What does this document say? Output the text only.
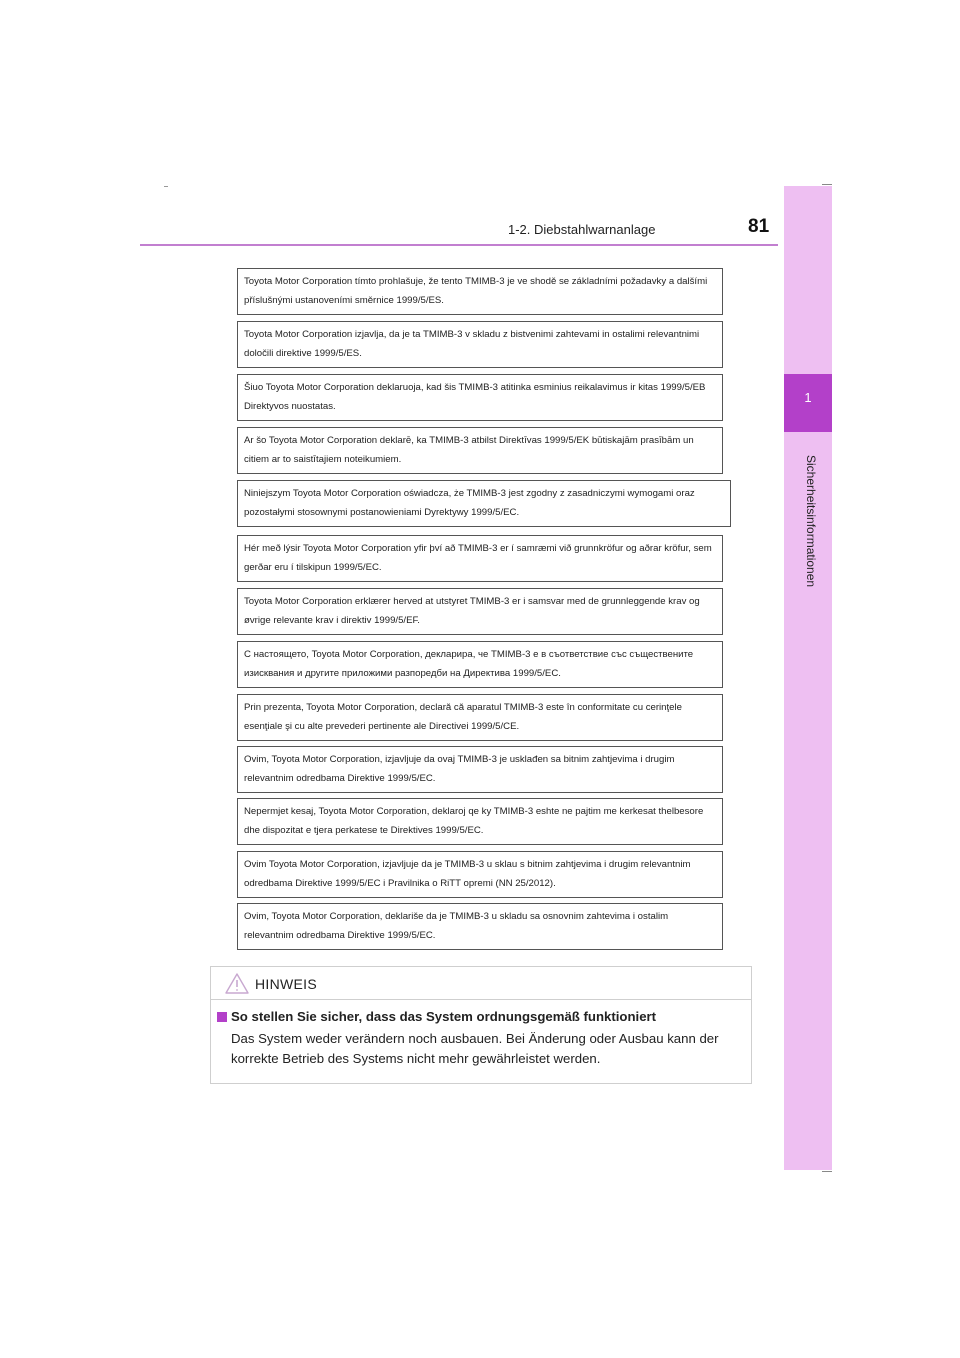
1-2. Diebstahlwarnanlage	81
1
Sicherheitsinformationen
Toyota Motor Corporation tímto prohlašuje, že tento TMIMB-3 je ve shodě se základními požadavky a dalšími příslušnými ustanoveními směrnice 1999/5/ES.
Toyota Motor Corporation izjavlja, da je ta TMIMB-3 v skladu z bistvenimi zahtevami in ostalimi relevantnimi določili direktive 1999/5/ES.
Šiuo Toyota Motor Corporation deklaruoja, kad šis TMIMB-3 atitinka esminius reikalavimus ir kitas 1999/5/EB Direktyvos nuostatas.
Ar šo Toyota Motor Corporation deklarē, ka TMIMB-3 atbilst Direktīvas 1999/5/EK būtiskajām prasībām un citiem ar to saistītajiem noteikumiem.
Niniejszym Toyota Motor Corporation oświadcza, że TMIMB-3 jest zgodny z zasadniczymi wymogami oraz pozostałymi stosownymi postanowieniami Dyrektywy 1999/5/EC.
Hér með lýsir Toyota Motor Corporation yfir því að TMIMB-3 er í samræmi við grunnkröfur og aðrar kröfur, sem gerðar eru í tilskipun 1999/5/EC.
Toyota Motor Corporation erklærer herved at utstyret TMIMB-3 er i samsvar med de grunnleggende krav og øvrige relevante krav i direktiv 1999/5/EF.
С настоящето, Toyota Motor Corporation, декларира, че TMIMB-3 е в съответствие със съществените изисквания и другите приложими разпоредби на Директива 1999/5/EC.
Prin prezenta, Toyota Motor Corporation, declară că aparatul TMIMB-3 este în conformitate cu cerinţele esenţiale şi cu alte prevederi pertinente ale Directivei 1999/5/CE.
Ovim, Toyota Motor Corporation, izjavljuje da ovaj TMIMB-3 je usklađen sa bitnim zahtjevima i drugim relevantnim odredbama Direktive 1999/5/EC.
Nepermjet kesaj, Toyota Motor Corporation, deklaroj qe ky TMIMB-3 eshte ne pajtim me kerkesat thelbesore dhe dispozitat e tjera perkatese te Direktives 1999/5/EC.
Ovim Toyota Motor Corporation, izjavljuje da je TMIMB-3 u sklau s bitnim zahtjevima i drugim relevantnim odredbama Direktive 1999/5/EC i Pravilnika o RiTT opremi (NN 25/2012).
Ovim, Toyota Motor Corporation, deklariše da je TMIMB-3 u skladu sa osnovnim zahtevima i ostalim relevantnim odredbama Direktive 1999/5/EC.
HINWEIS
So stellen Sie sicher, dass das System ordnungsgemäß funktioniert
Das System weder verändern noch ausbauen. Bei Änderung oder Ausbau kann der korrekte Betrieb des Systems nicht mehr gewährleistet werden.
